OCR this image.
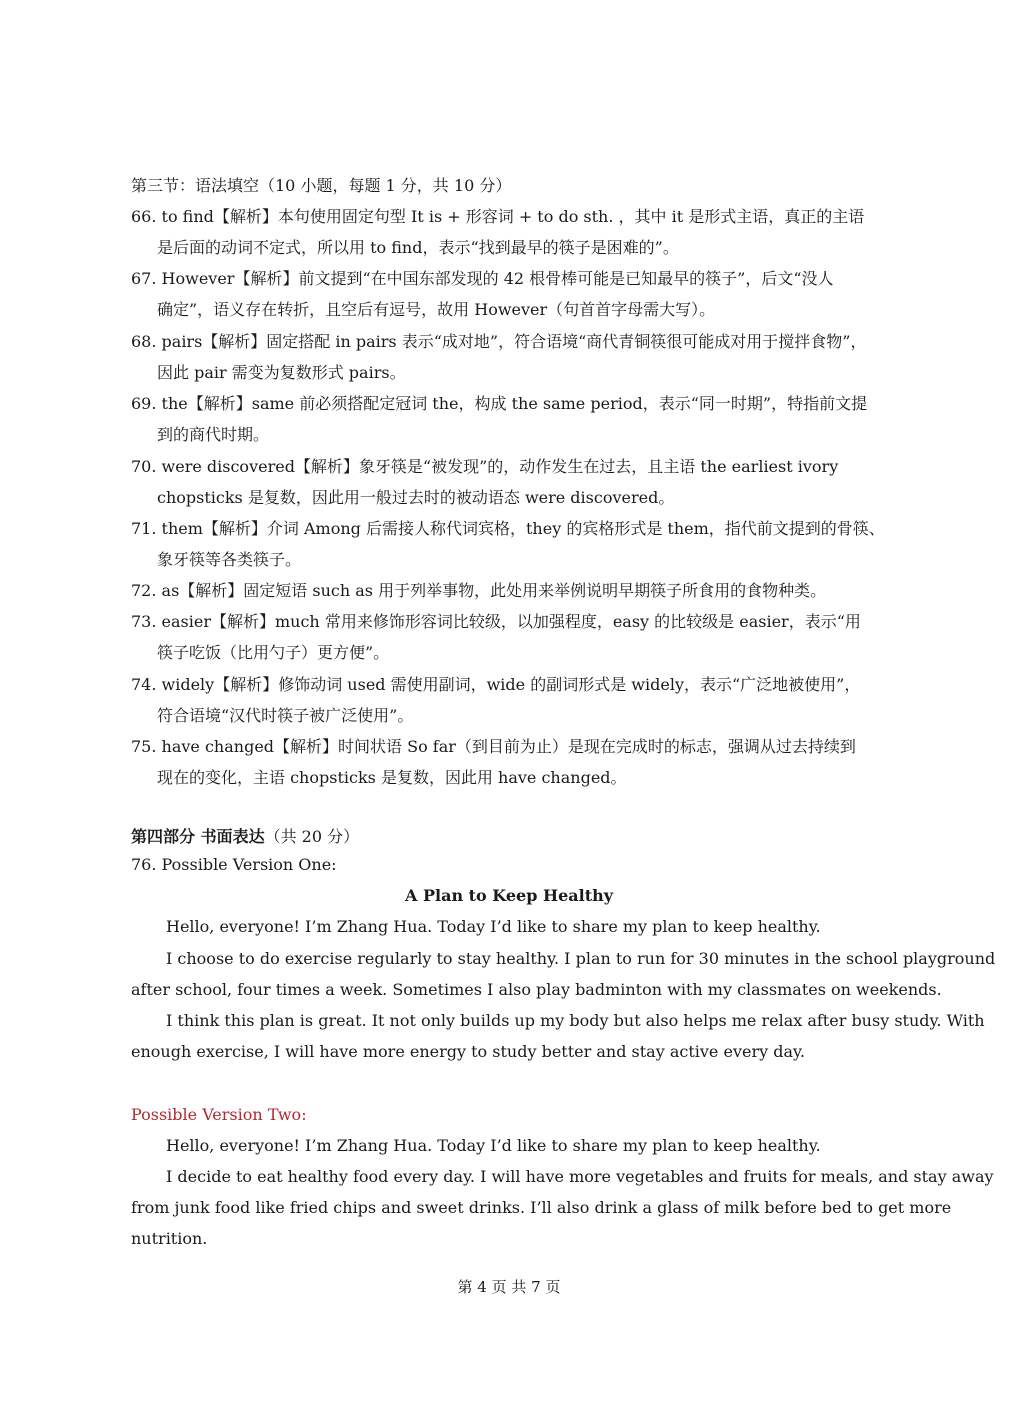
第三节：语法填空（10 小题，每题 1 分，共 10 分）
66. to find【解析】本句使用固定句型 It is + 形容词 + to do sth. ，其中 it 是形式主语，真正的主语
是后面的动词不定式，所以用 to find，表示“找到最早的筷子是困难的”。
67. However【解析】前文提到“在中国东部发现的 42 根骨棒可能是已知最早的筷子”，后文“没人
确定”，语义存在转折，且空后有逗号，故用 However（句首首字母需大写）。
68. pairs【解析】固定搭配 in pairs 表示“成对地”，符合语境“商代青铜筷很可能成对用于搅拌食物”，
因此 pair 需变为复数形式 pairs。
69. the【解析】same 前必须搭配定冠词 the，构成 the same period，表示“同一时期”，特指前文提
到的商代时期。
70. were discovered【解析】象牙筷是“被发现”的，动作发生在过去，且主语 the earliest ivory
chopsticks 是复数，因此用一般过去时的被动语态 were discovered。
71. them【解析】介词 Among 后需接人称代词宾格，they 的宾格形式是 them，指代前文提到的骨筷、
象牙筷等各类筷子。
72. as【解析】固定短语 such as 用于列举事物，此处用来举例说明早期筷子所食用的食物种类。
73. easier【解析】much 常用来修饰形容词比较级，以加强程度，easy 的比较级是 easier，表示“用
筷子吃饭（比用勺子）更方便”。
74. widely【解析】修饰动词 used 需使用副词，wide 的副词形式是 widely，表示“广泛地被使用”，
符合语境“汉代时筷子被广泛使用”。
75. have changed【解析】时间状语 So far（到目前为止）是现在完成时的标志，强调从过去持续到
现在的变化，主语 chopsticks 是复数，因此用 have changed。
第四部分 书面表达（共 20 分）
76. Possible Version One:
A Plan to Keep Healthy
Hello, everyone! I’m Zhang Hua. Today I’d like to share my plan to keep healthy.
I choose to do exercise regularly to stay healthy. I plan to run for 30 minutes in the school playground
after school, four times a week. Sometimes I also play badminton with my classmates on weekends.
I think this plan is great. It not only builds up my body but also helps me relax after busy study. With
enough exercise, I will have more energy to study better and stay active every day.
Possible Version Two:
Hello, everyone! I’m Zhang Hua. Today I’d like to share my plan to keep healthy.
I decide to eat healthy food every day. I will have more vegetables and fruits for meals, and stay away
from junk food like fried chips and sweet drinks. I’ll also drink a glass of milk before bed to get more
nutrition.
第 4 页 共 7 页
